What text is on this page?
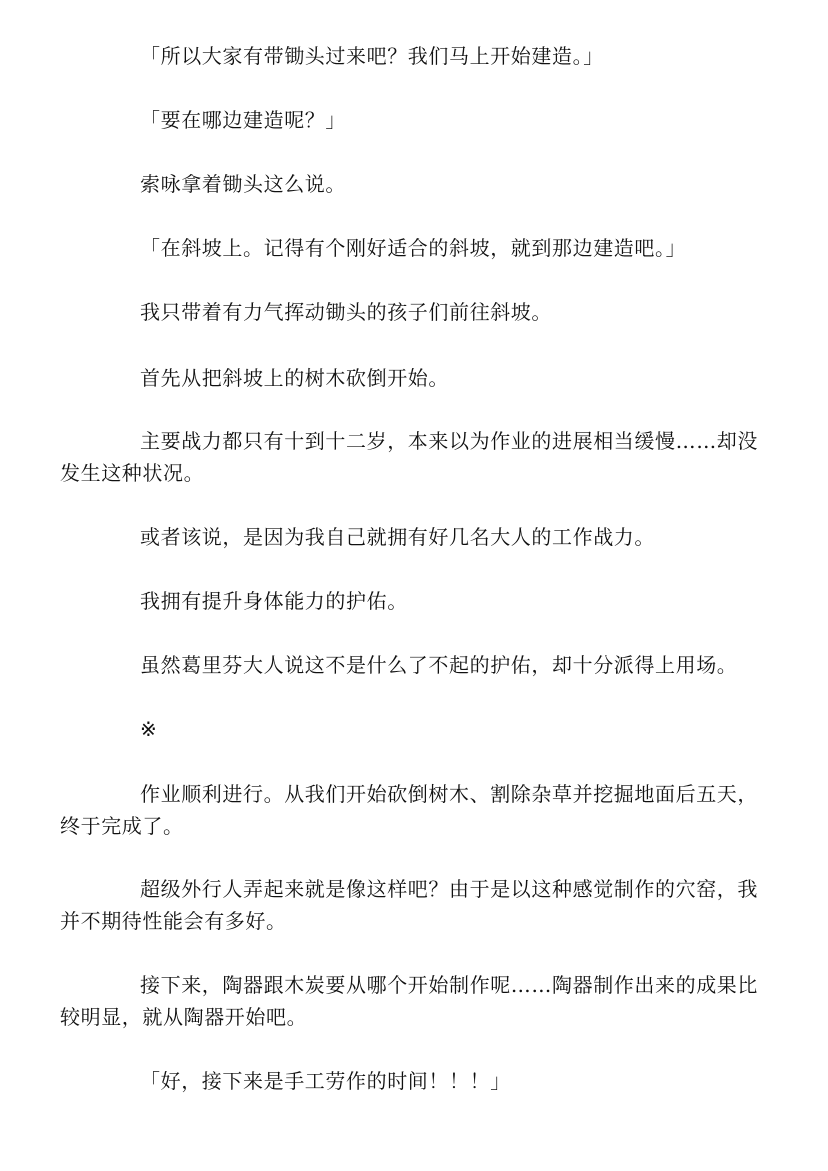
「所以大家有带锄头过来吧？我们马上开始建造。」

「要在哪边建造呢？」

索咏拿着锄头这么说。

「在斜坡上。记得有个刚好适合的斜坡，就到那边建造吧。」

我只带着有力气挥动锄头的孩子们前往斜坡。

首先从把斜坡上的树木砍倒开始。

主要战力都只有十到十二岁，本来以为作业的进展相当缓慢……却没发生这种状况。

或者该说，是因为我自己就拥有好几名大人的工作战力。

我拥有提升身体能力的护佑。

虽然葛里芬大人说这不是什么了不起的护佑，却十分派得上用场。

※

作业顺利进行。从我们开始砍倒树木、割除杂草并挖掘地面后五天，终于完成了。

超级外行人弄起来就是像这样吧？由于是以这种感觉制作的穴窑，我并不期待性能会有多好。

接下来，陶器跟木炭要从哪个开始制作呢……陶器制作出来的成果比较明显，就从陶器开始吧。

「好，接下来是手工劳作的时间！！！」
